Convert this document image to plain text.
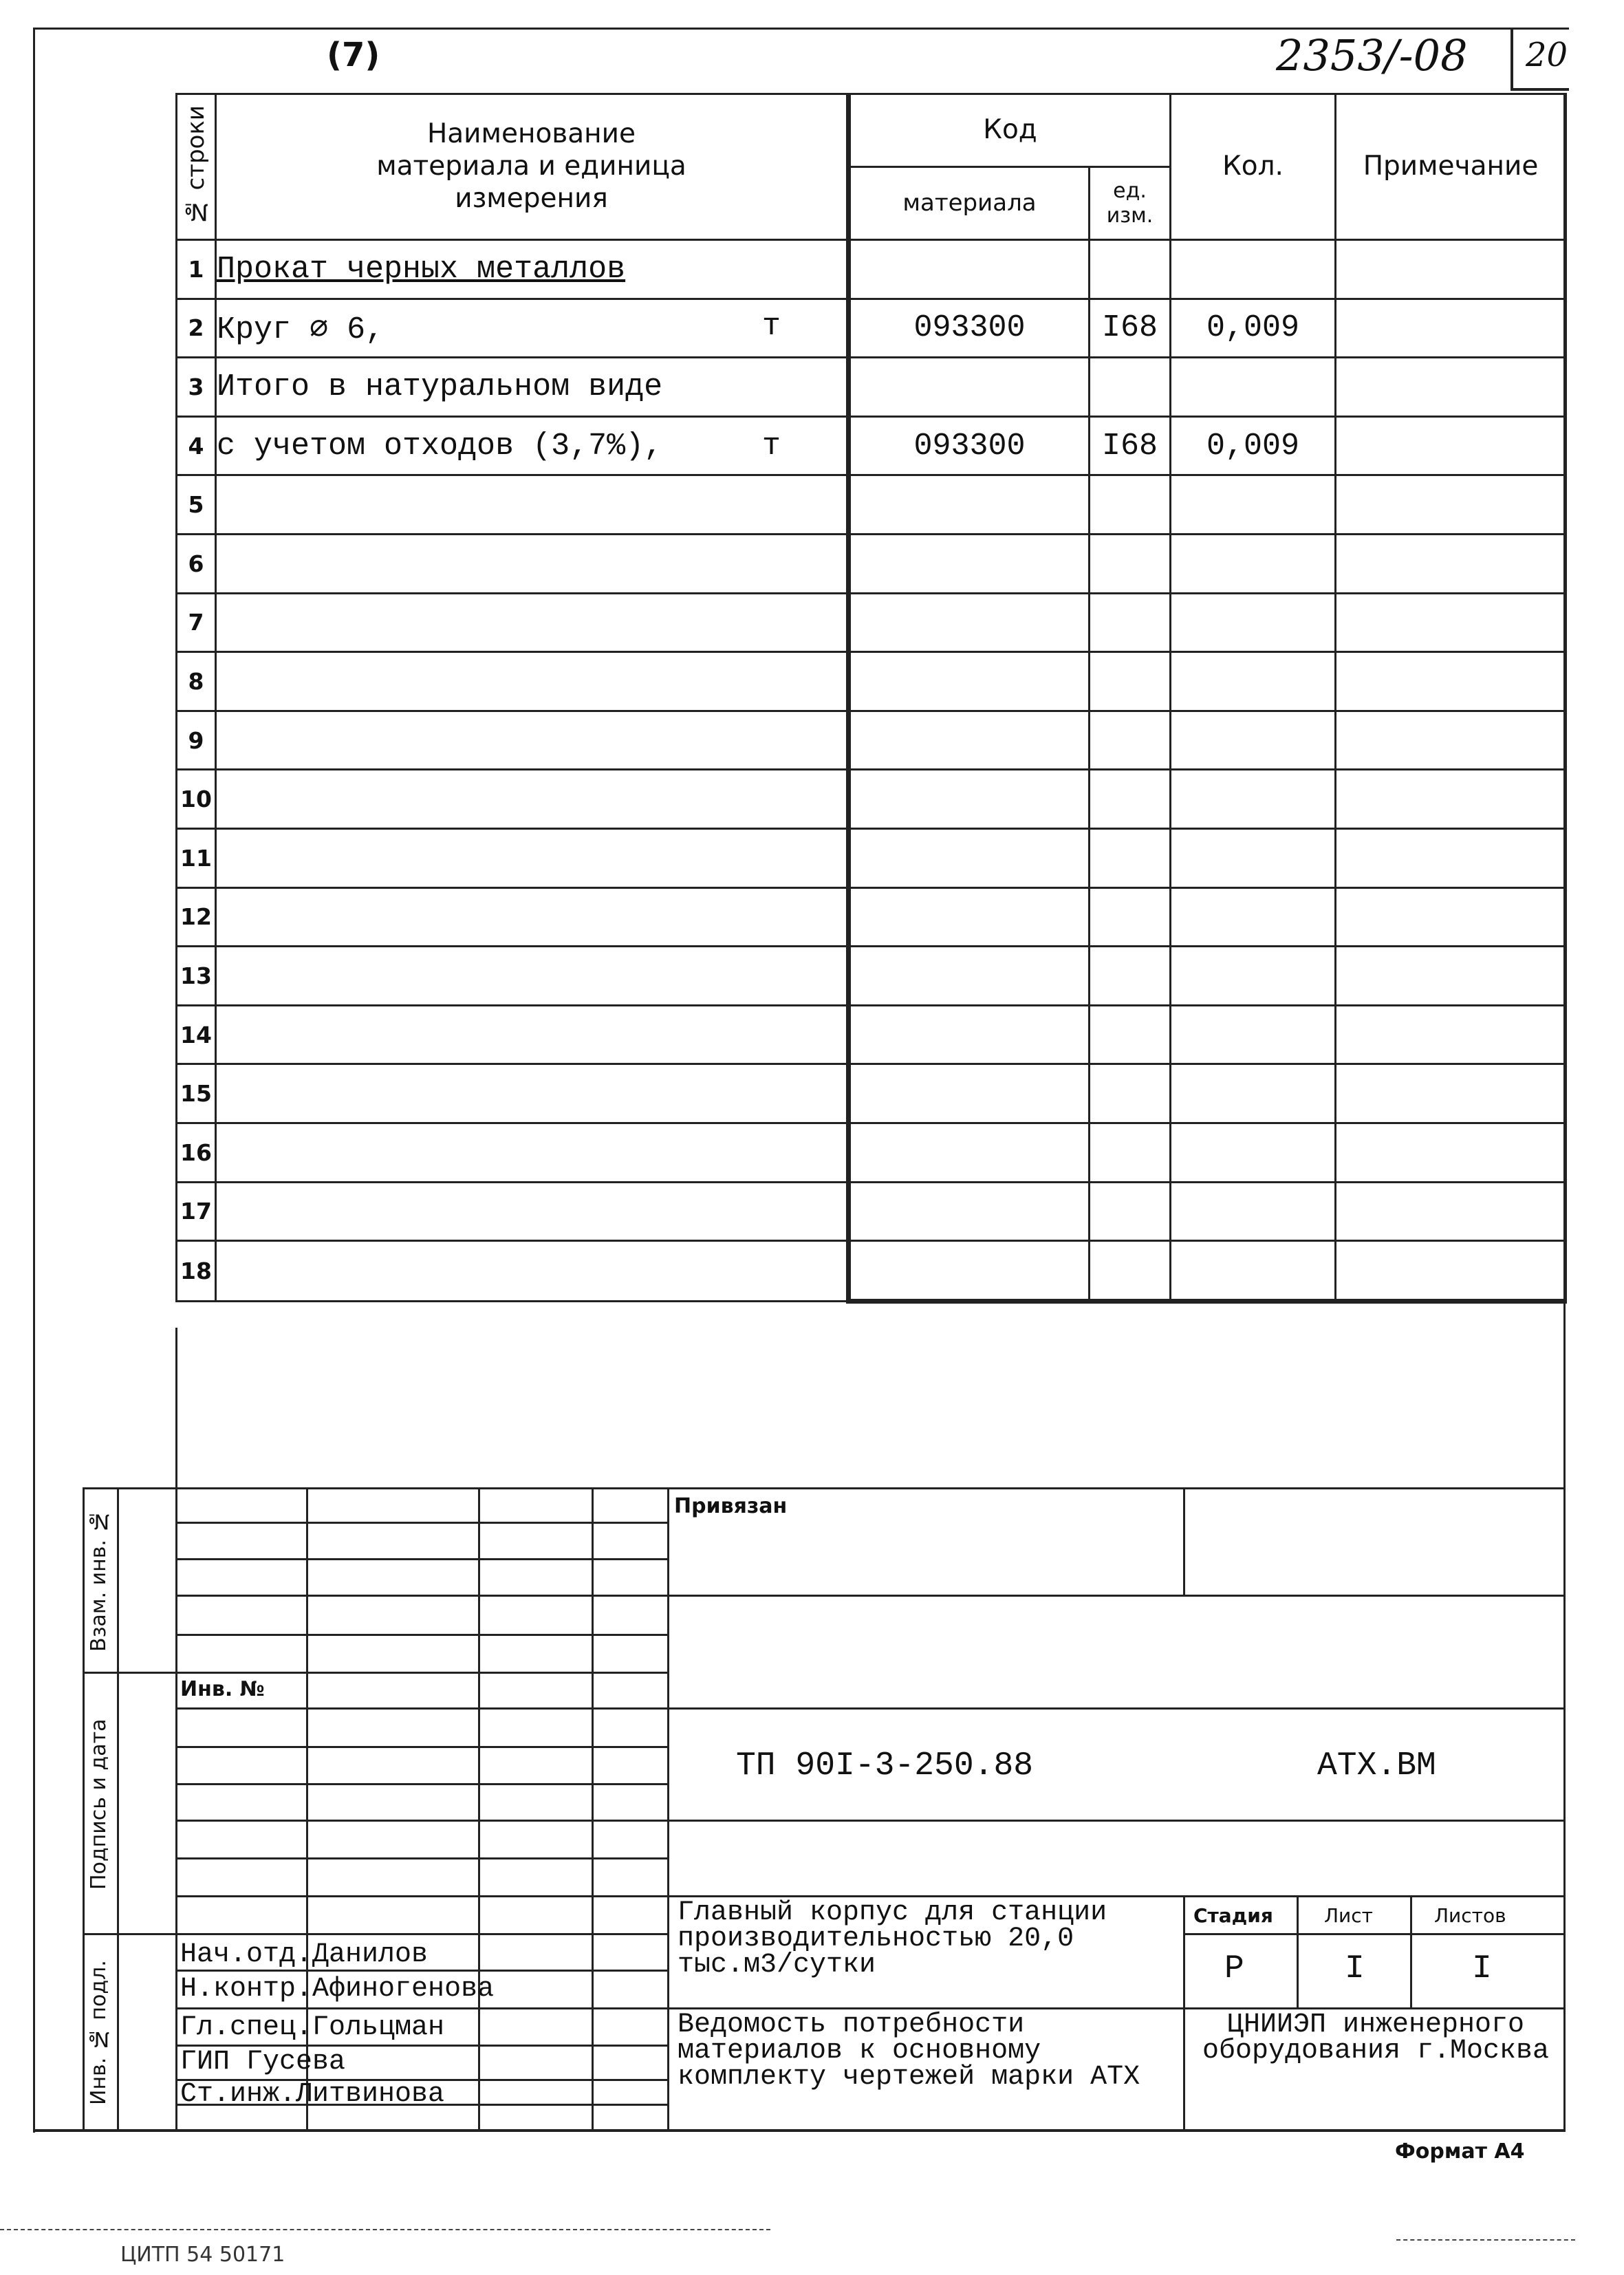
(7)	2353/-08 20
№ строки	Наименование материала и единица измерения	Код		Кол.	Примечание
		материала	ед. изм.		
1	Прокат черных металлов

2	Круг ∅ 6, т	093300	I68	0,009	
3	Итого в натуральном виде

4	с учетом отходов (3,7%), т	093300	I68	0,009	
5	

6	

7	

8	

9	

10	

11	

12	

13	

14	

15	

16	

17	

18	

Взам. инв. №
Подпись и дата
Инв. № подл.
Привязан
Инв. №
ТП 90I-3-250.88	АТХ.ВМ
Главный корпус для станции производительностью 20,0 тыс.м3/сутки
Стадия	Лист	Листов
Р	I	I
Ведомость потребности материалов к основному комплекту чертежей марки АТХ
ЦНИИЭП инженерного оборудования г.Москва
Нач.отд.Данилов
Н.контр.Афиногенова
Гл.спец.Гольцман
ГИП Гусева
Ст.инж.Литвинова
Формат А4
ЦИТП 54 50171
